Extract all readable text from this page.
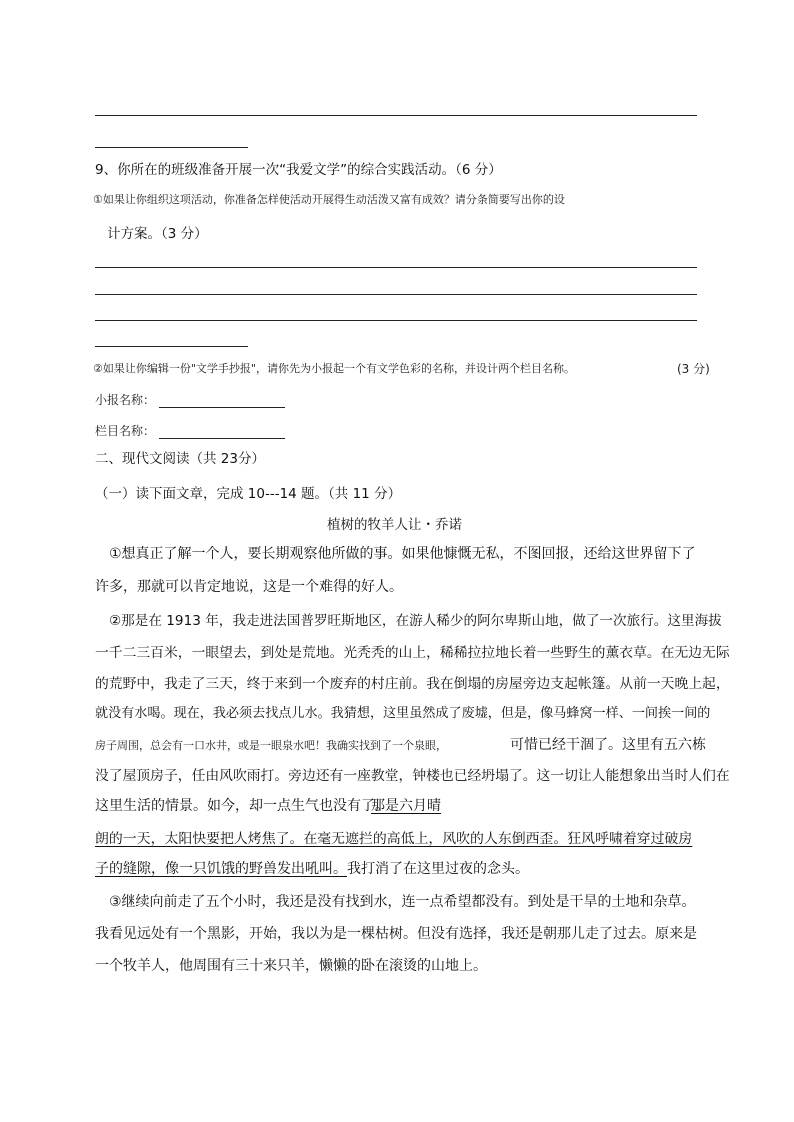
9、你所在的班级准备开展一次“我爱文学”的综合实践活动。（6 分）
①如果让你组织这项活动，你准备怎样使活动开展得生动活泼又富有成效？请分条简要写出你的设
计方案。（3 分）
②如果让你编辑一份"文学手抄报"，请你先为小报起一个有文学色彩的名称，并设计两个栏目名称。	(3 分)
小报名称：
栏目名称：
二、现代文阅读（共 23分）
（一）读下面文章，完成 10---14 题。（共 11 分）
植树的牧羊人让・乔诺
①想真正了解一个人，要长期观察他所做的事。如果他慷慨无私，不图回报，还给这世界留下了
许多，那就可以肯定地说，这是一个难得的好人。
②那是在 1913 年，我走进法国普罗旺斯地区，在游人稀少的阿尔卑斯山地，做了一次旅行。这里海拔
一千二三百米，一眼望去，到处是荒地。光秃秃的山上，稀稀拉拉地长着一些野生的薰衣草。在无边无际
的荒野中，我走了三天，终于来到一个废弃的村庄前。我在倒塌的房屋旁边支起帐篷。从前一天晚上起，
就没有水喝。现在，我必须去找点儿水。我猜想，这里虽然成了废墟，但是，像马蜂窝一样、一间挨一间的
房子周围，总会有一口水井，或是一眼泉水吧！我确实找到了一个泉眼，	可惜已经干涸了。这里有五六栋
没了屋顶房子，任由风吹雨打。旁边还有一座教堂，钟楼也已经坍塌了。这一切让人能想象出当时人们在
这里生活的情景。如今，却一点生气也没有了。
那是六月晴
朗的一天，太阳快要把人烤焦了。在毫无遮拦的高低上，风吹的人东倒西歪。狂风呼啸着穿过破房
子的缝隙，像一只饥饿的野兽发出吼叫。我打消了在这里过夜的念头。
③继续向前走了五个小时，我还是没有找到水，连一点希望都没有。到处是干旱的土地和杂草。
我看见远处有一个黑影，开始，我以为是一棵枯树。但没有选择，我还是朝那儿走了过去。原来是
一个牧羊人，他周围有三十来只羊，懒懒的卧在滚烫的山地上。
